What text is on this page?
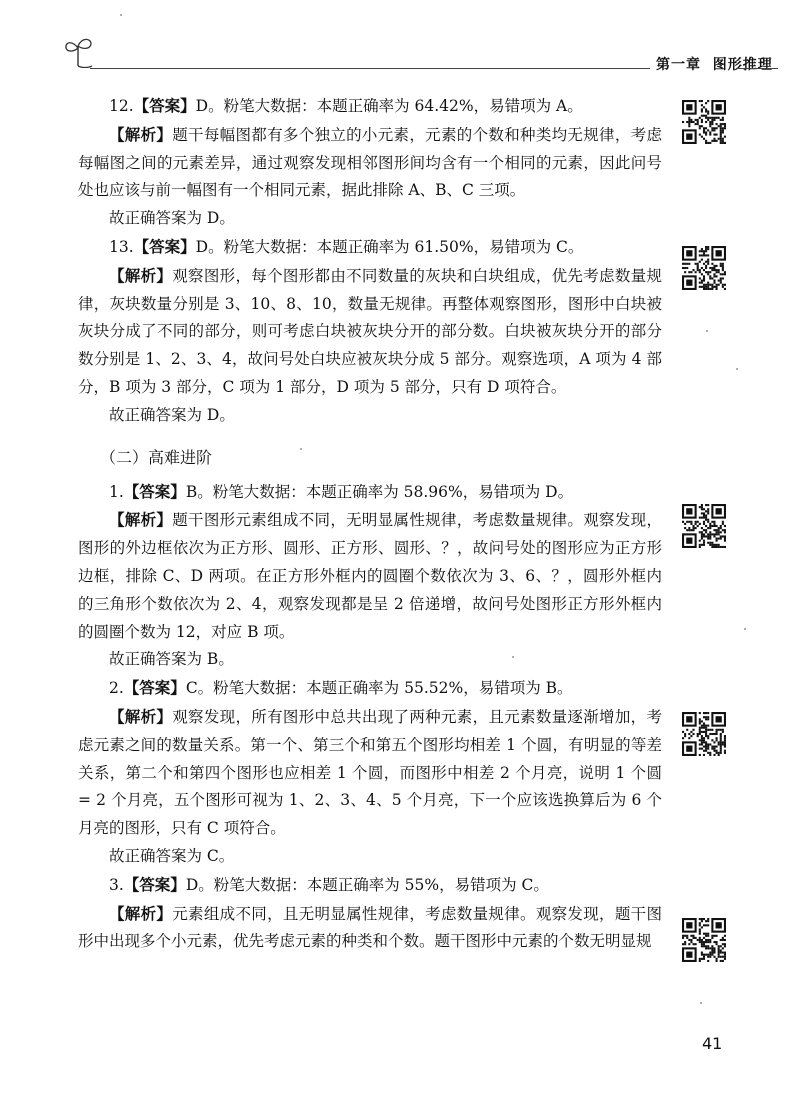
第一章 图形推理

12.【答案】D。粉笔大数据：本题正确率为 64.42%，易错项为 A。

【解析】题干每幅图都有多个独立的小元素，元素的个数和种类均无规律，考虑每幅图之间的元素差异，通过观察发现相邻图形间均含有一个相同的元素，因此问号处也应该与前一幅图有一个相同元素，据此排除 A、B、C 三项。

故正确答案为 D。

13.【答案】D。粉笔大数据：本题正确率为 61.50%，易错项为 C。

【解析】观察图形，每个图形都由不同数量的灰块和白块组成，优先考虑数量规律，灰块数量分别是 3、10、8、10，数量无规律。再整体观察图形，图形中白块被灰块分成了不同的部分，则可考虑白块被灰块分开的部分数。白块被灰块分开的部分数分别是 1、2、3、4，故问号处白块应被灰块分成 5 部分。观察选项，A 项为 4 部分，B 项为 3 部分，C 项为 1 部分，D 项为 5 部分，只有 D 项符合。

故正确答案为 D。

（二）高难进阶

1.【答案】B。粉笔大数据：本题正确率为 58.96%，易错项为 D。

【解析】题干图形元素组成不同，无明显属性规律，考虑数量规律。观察发现，图形的外边框依次为正方形、圆形、正方形、圆形、？，故问号处的图形应为正方形边框，排除 C、D 两项。在正方形外框内的圆圈个数依次为 3、6、？，圆形外框内的三角形个数依次为 2、4，观察发现都是呈 2 倍递增，故问号处图形正方形外框内的圆圈个数为 12，对应 B 项。

故正确答案为 B。

2.【答案】C。粉笔大数据：本题正确率为 55.52%，易错项为 B。

【解析】观察发现，所有图形中总共出现了两种元素，且元素数量逐渐增加，考虑元素之间的数量关系。第一个、第三个和第五个图形均相差 1 个圆，有明显的等差关系，第二个和第四个图形也应相差 1 个圆，而图形中相差 2 个月亮，说明 1 个圆 = 2 个月亮，五个图形可视为 1、2、3、4、5 个月亮，下一个应该选换算后为 6 个月亮的图形，只有 C 项符合。

故正确答案为 C。

3.【答案】D。粉笔大数据：本题正确率为 55%，易错项为 C。

【解析】元素组成不同，且无明显属性规律，考虑数量规律。观察发现，题干图形中出现多个小元素，优先考虑元素的种类和个数。题干图形中元素的个数无明显规

41
